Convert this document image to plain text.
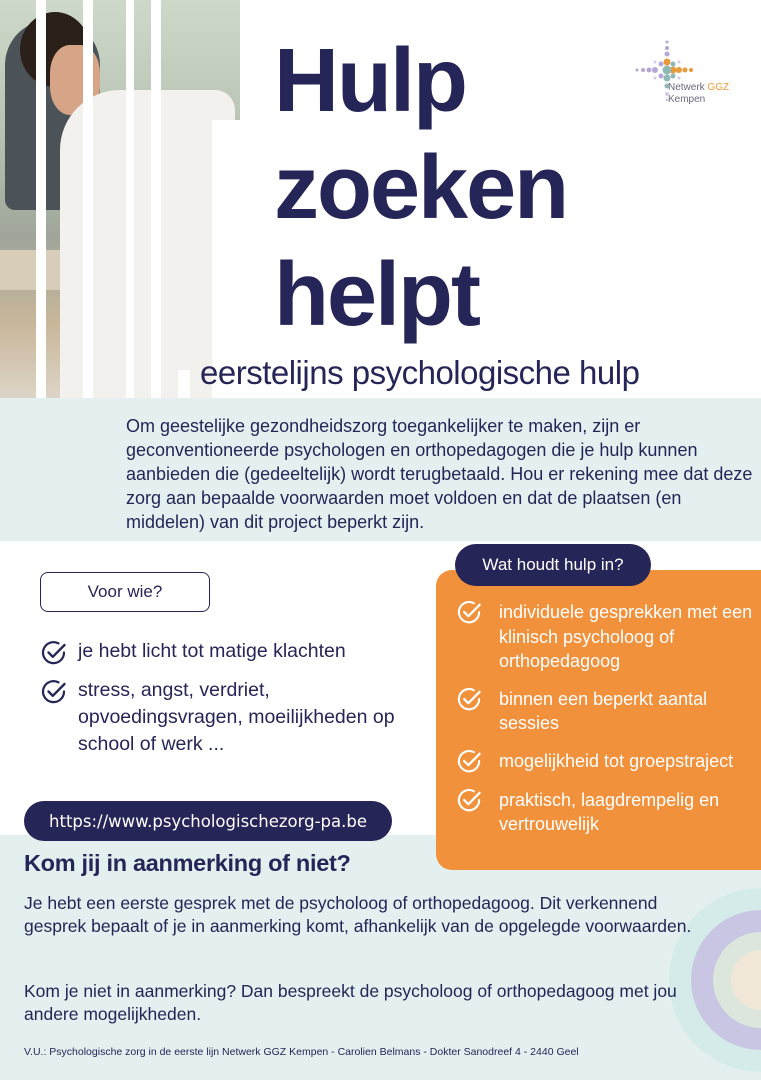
Hulp
zoeken
helpt
eerstelijns psychologische hulp
Netwerk GGZ
Kempen

Om geestelijke gezondheidszorg toegankelijker te maken, zijn er geconventioneerde psychologen en orthopedagogen die je hulp kunnen aanbieden die (gedeeltelijk) wordt terugbetaald. Hou er rekening mee dat deze zorg aan bepaalde voorwaarden moet voldoen en dat de plaatsen (en middelen) van dit project beperkt zijn.

Voor wie?
je hebt licht tot matige klachten
stress, angst, verdriet, opvoedingsvragen, moeilijkheden op school of werk ...
Wat houdt hulp in?
individuele gesprekken met een klinisch psycholoog of orthopedagoog
binnen een beperkt aantal sessies
mogelijkheid tot groepstraject
praktisch, laagdrempelig en vertrouwelijk
https://www.psychologischezorg-pa.be
Kom jij in aanmerking of niet?

Je hebt een eerste gesprek met de psycholoog of orthopedagoog. Dit verkennend gesprek bepaalt of je in aanmerking komt, afhankelijk van de opgelegde voorwaarden.

Kom je niet in aanmerking? Dan bespreekt de psycholoog of orthopedagoog met jou andere mogelijkheden.

V.U.: Psychologische zorg in de eerste lijn Netwerk GGZ Kempen - Carolien Belmans - Dokter Sanodreef 4 - 2440 Geel
